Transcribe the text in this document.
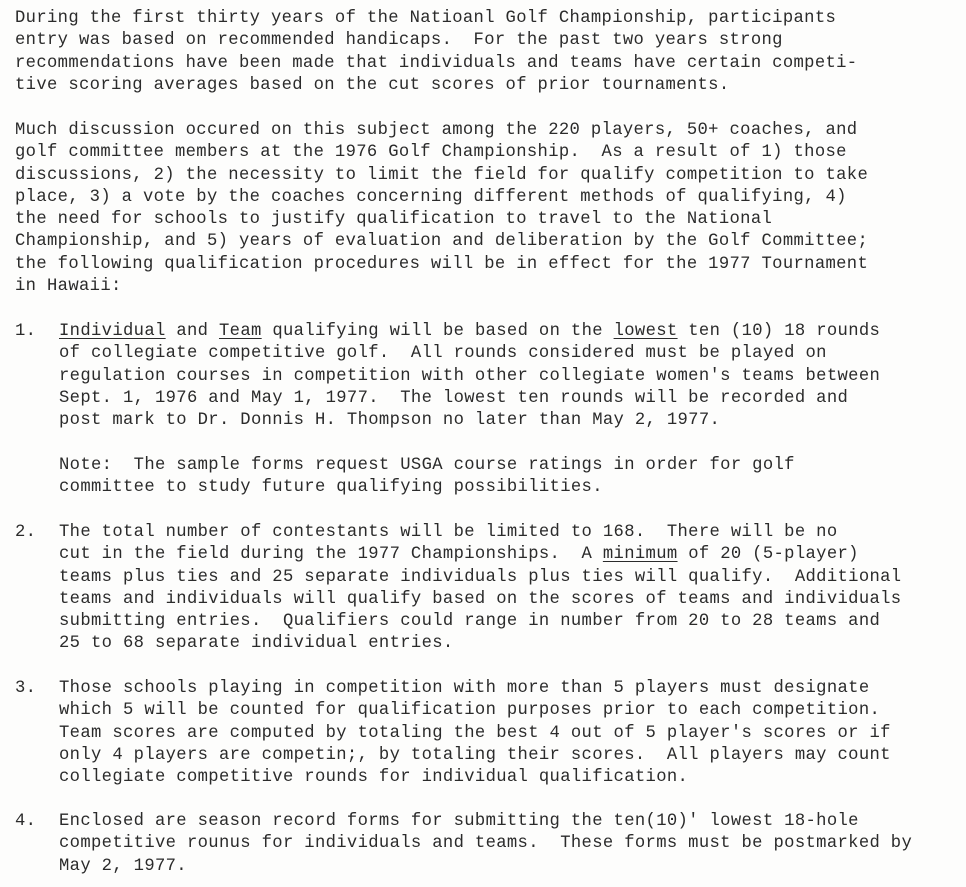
During the first thirty years of the Natioanl Golf Championship, participants
entry was based on recommended handicaps.  For the past two years strong
recommendations have been made that individuals and teams have certain competi-
tive scoring averages based on the cut scores of prior tournaments.
Much discussion occured on this subject among the 220 players, 50+ coaches, and
golf committee members at the 1976 Golf Championship.  As a result of 1) those
discussions, 2) the necessity to limit the field for qualify competition to take
place, 3) a vote by the coaches concerning different methods of qualifying, 4)
the need for schools to justify qualification to travel to the National
Championship, and 5) years of evaluation and deliberation by the Golf Committee;
the following qualification procedures will be in effect for the 1977 Tournament
in Hawaii:
1. Individual and Team qualifying will be based on the lowest ten (10) 18 rounds
of collegiate competitive golf.  All rounds considered must be played on
regulation courses in competition with other collegiate women's teams between
Sept. 1, 1976 and May 1, 1977.  The lowest ten rounds will be recorded and
post mark to Dr. Donnis H. Thompson no later than May 2, 1977.
Note:  The sample forms request USGA course ratings in order for golf
committee to study future qualifying possibilities.
2. The total number of contestants will be limited to 168.  There will be no
cut in the field during the 1977 Championships.  A minimum of 20 (5-player)
teams plus ties and 25 separate individuals plus ties will qualify.  Additional
teams and individuals will qualify based on the scores of teams and individuals
submitting entries.  Qualifiers could range in number from 20 to 28 teams and
25 to 68 separate individual entries.
3. Those schools playing in competition with more than 5 players must designate
which 5 will be counted for qualification purposes prior to each competition.
Team scores are computed by totaling the best 4 out of 5 player's scores or if
only 4 players are competin;, by totaling their scores.  All players may count
collegiate competitive rounds for individual qualification.
4. Enclosed are season record forms for submitting the ten(10)' lowest 18-hole
competitive rounus for individuals and teams.  These forms must be postmarked by
May 2, 1977.
